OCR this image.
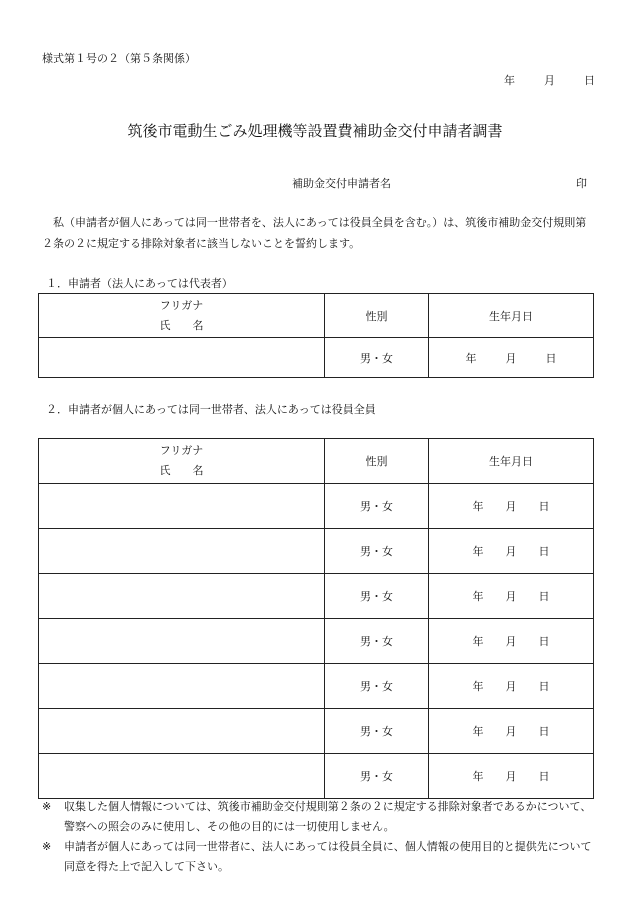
様式第１号の２（第５条関係）
年	月	日
筑後市電動生ごみ処理機等設置費補助金交付申請者調書
補助金交付申請者名	印
私（申請者が個人にあっては同一世帯者を、法人にあっては役員全員を含む。）は、筑後市補助金交付規則第２条の２に規定する排除対象者に該当しないことを誓約します。
１．申請者（法人にあっては代表者）
フリガナ
氏　　名	性別	生年月日
	男・女	年 月 日
２．申請者が個人にあっては同一世帯者、法人にあっては役員全員
フリガナ
氏　　名	性別	生年月日
	男・女	年 月 日
	男・女	年 月 日
	男・女	年 月 日
	男・女	年 月 日
	男・女	年 月 日
	男・女	年 月 日
	男・女	年 月 日
※	収集した個人情報については、筑後市補助金交付規則第２条の２に規定する排除対象者であるかについて、警察への照会のみに使用し、その他の目的には一切使用しません。
※	申請者が個人にあっては同一世帯者に、法人にあっては役員全員に、個人情報の使用目的と提供先について同意を得た上で記入して下さい。
